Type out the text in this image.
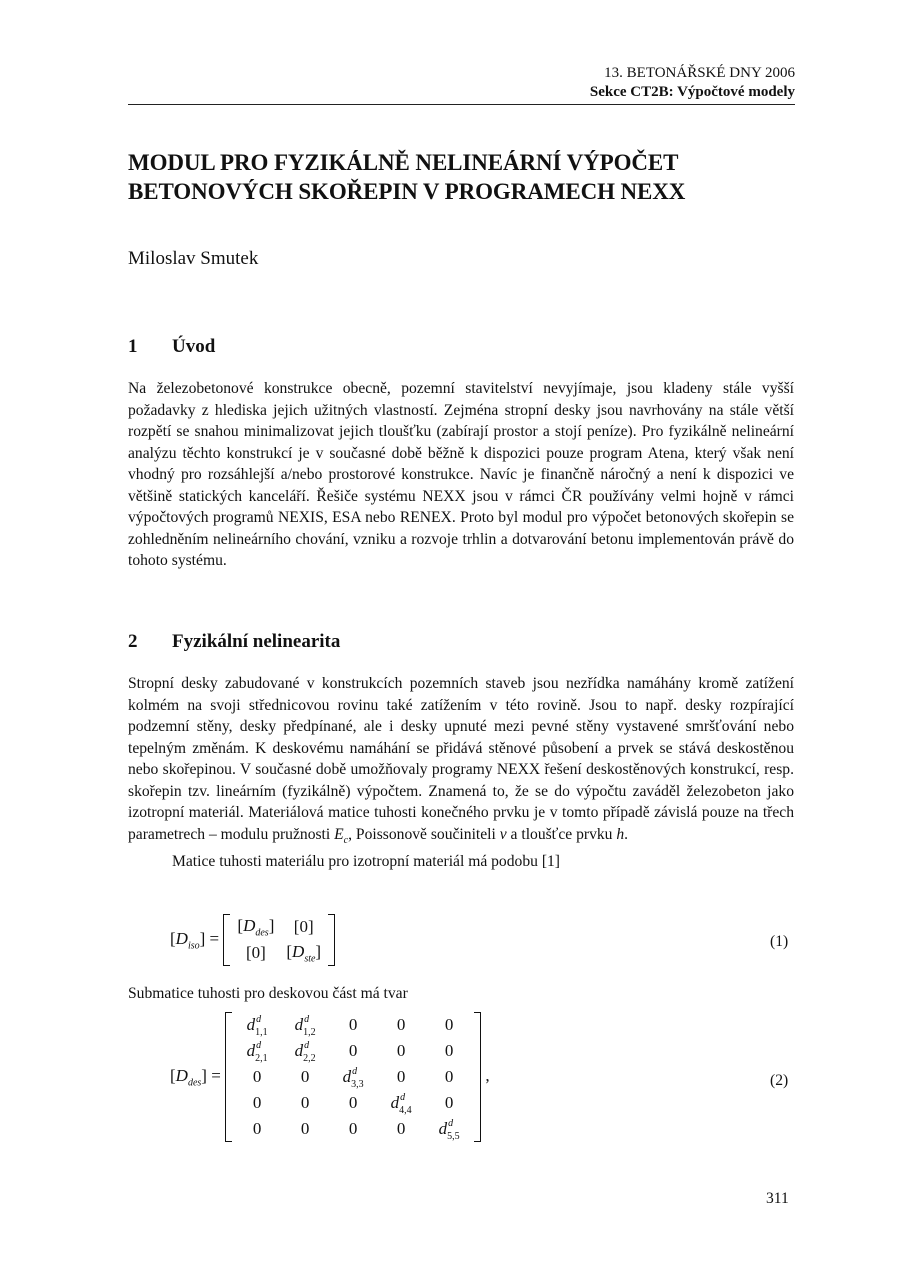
13. BETONÁŘSKÉ DNY 2006
Sekce CT2B: Výpočtové modely
MODUL PRO FYZIKÁLNĚ NELINEÁRNÍ VÝPOČET
BETONOVÝCH SKOŘEPIN V PROGRAMECH NEXX
Miloslav Smutek
1 Úvod

Na železobetonové konstrukce obecně, pozemní stavitelství nevyjímaje, jsou kladeny stále vyšší požadavky z hlediska jejich užitných vlastností. Zejména stropní desky jsou navrhovány na stále větší rozpětí se snahou minimalizovat jejich tloušťku (zabírají prostor a stojí peníze). Pro fyzikálně nelineární analýzu těchto konstrukcí je v současné době běžně k dispozici pouze program Atena, který však není vhodný pro rozsáhlejší a/nebo prostorové konstrukce. Navíc je finančně náročný a není k dispozici ve většině statických kanceláří. Řešiče systému NEXX jsou v rámci ČR používány velmi hojně v rámci výpočtových programů NEXIS, ESA nebo RENEX. Proto byl modul pro výpočet betonových skořepin se zohledněním nelineárního chování, vzniku a rozvoje trhlin a dotvarování betonu implementován právě do tohoto systému.

2 Fyzikální nelinearita

Stropní desky zabudované v konstrukcích pozemních staveb jsou nezřídka namáhány kromě zatížení kolmém na svoji střednicovou rovinu také zatížením v této rovině. Jsou to např. desky rozpírající podzemní stěny, desky předpínané, ale i desky upnuté mezi pevné stěny vystavené smršťování nebo tepelným změnám. K deskovému namáhání se přidává stěnové působení a prvek se stává deskostěnou nebo skořepinou. V současné době umožňovaly programy NEXX řešení deskostěnových konstrukcí, resp. skořepin tzv. lineárním (fyzikálně) výpočtem. Znamená to, že se do výpočtu zaváděl železobeton jako izotropní materiál. Materiálová matice tuhosti konečného prvku je v tomto případě závislá pouze na třech parametrech – modulu pružnosti $E_c$, Poissonově součiniteli ν a tloušťce prvku h.

Matice tuhosti materiálu pro izotropní materiál má podobu [1]

$[D_{iso}]$ =
$[D_{des}]$	[0]
[0]	$[D_{ste}]$
(1)

Submatice tuhosti pro deskovou část má tvar

$[D_{des}]$ =
$d^d_{1,1}$	$d^d_{1,2}$	0	0	0
$d^d_{2,1}$	$d^d_{2,2}$	0	0	0
0	0	$d^d_{3,3}$	0	0
0	0	0	$d^d_{4,4}$	0
0	0	0	0	$d^d_{5,5}$
,	(2)
311
